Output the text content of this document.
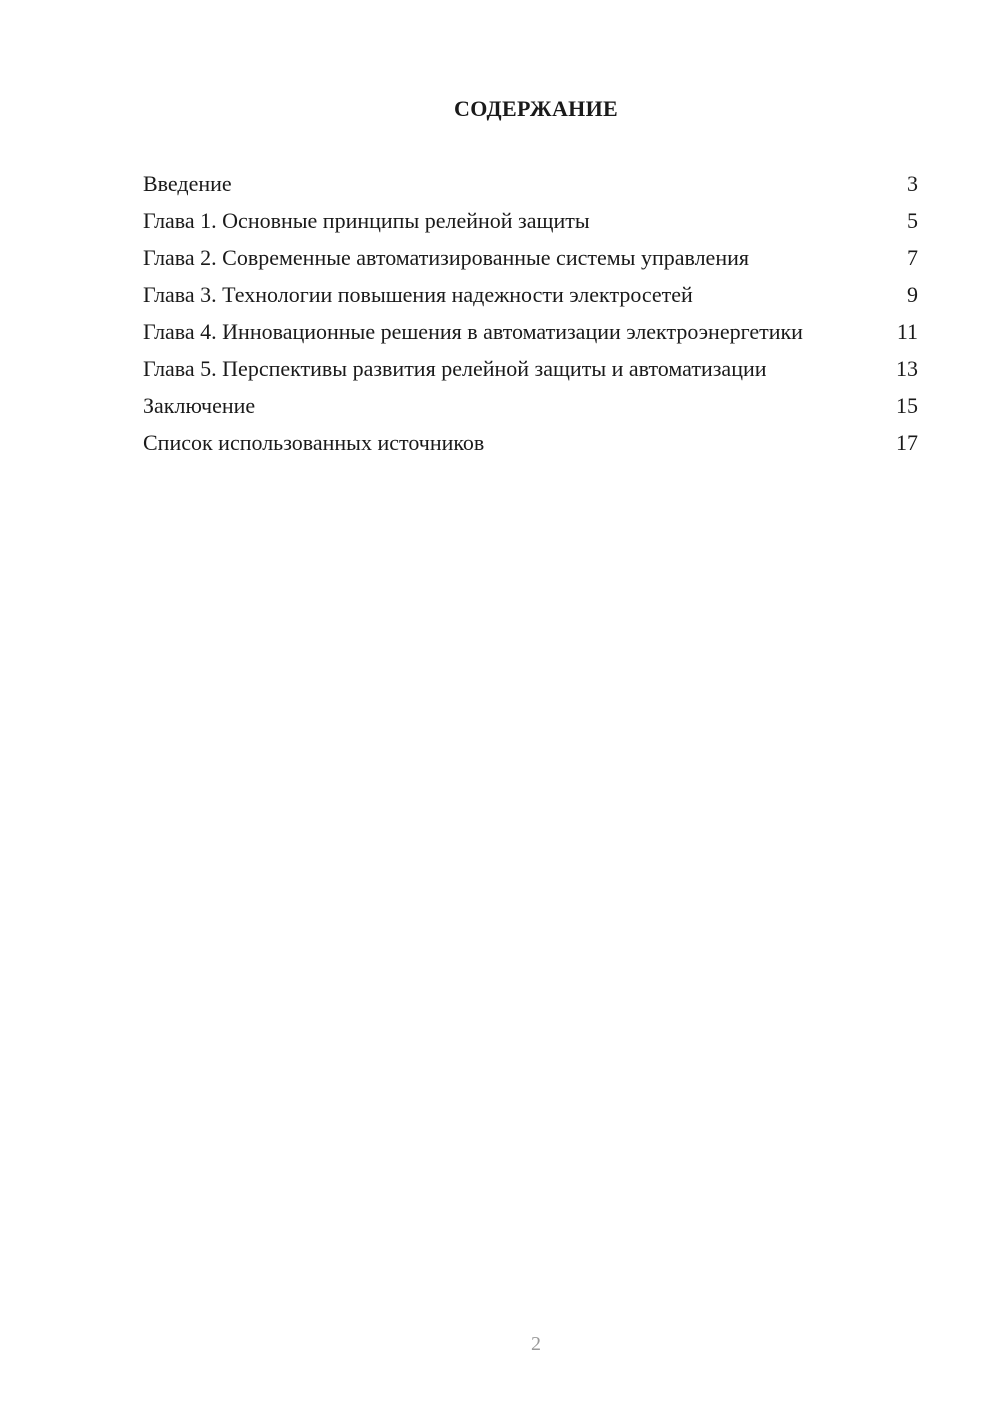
СОДЕРЖАНИЕ
Введение	3
Глава 1. Основные принципы релейной защиты	5
Глава 2. Современные автоматизированные системы управления	7
Глава 3. Технологии повышения надежности электросетей	9
Глава 4. Инновационные решения в автоматизации электроэнергетики	11
Глава 5. Перспективы развития релейной защиты и автоматизации	13
Заключение	15
Список использованных источников	17
2
